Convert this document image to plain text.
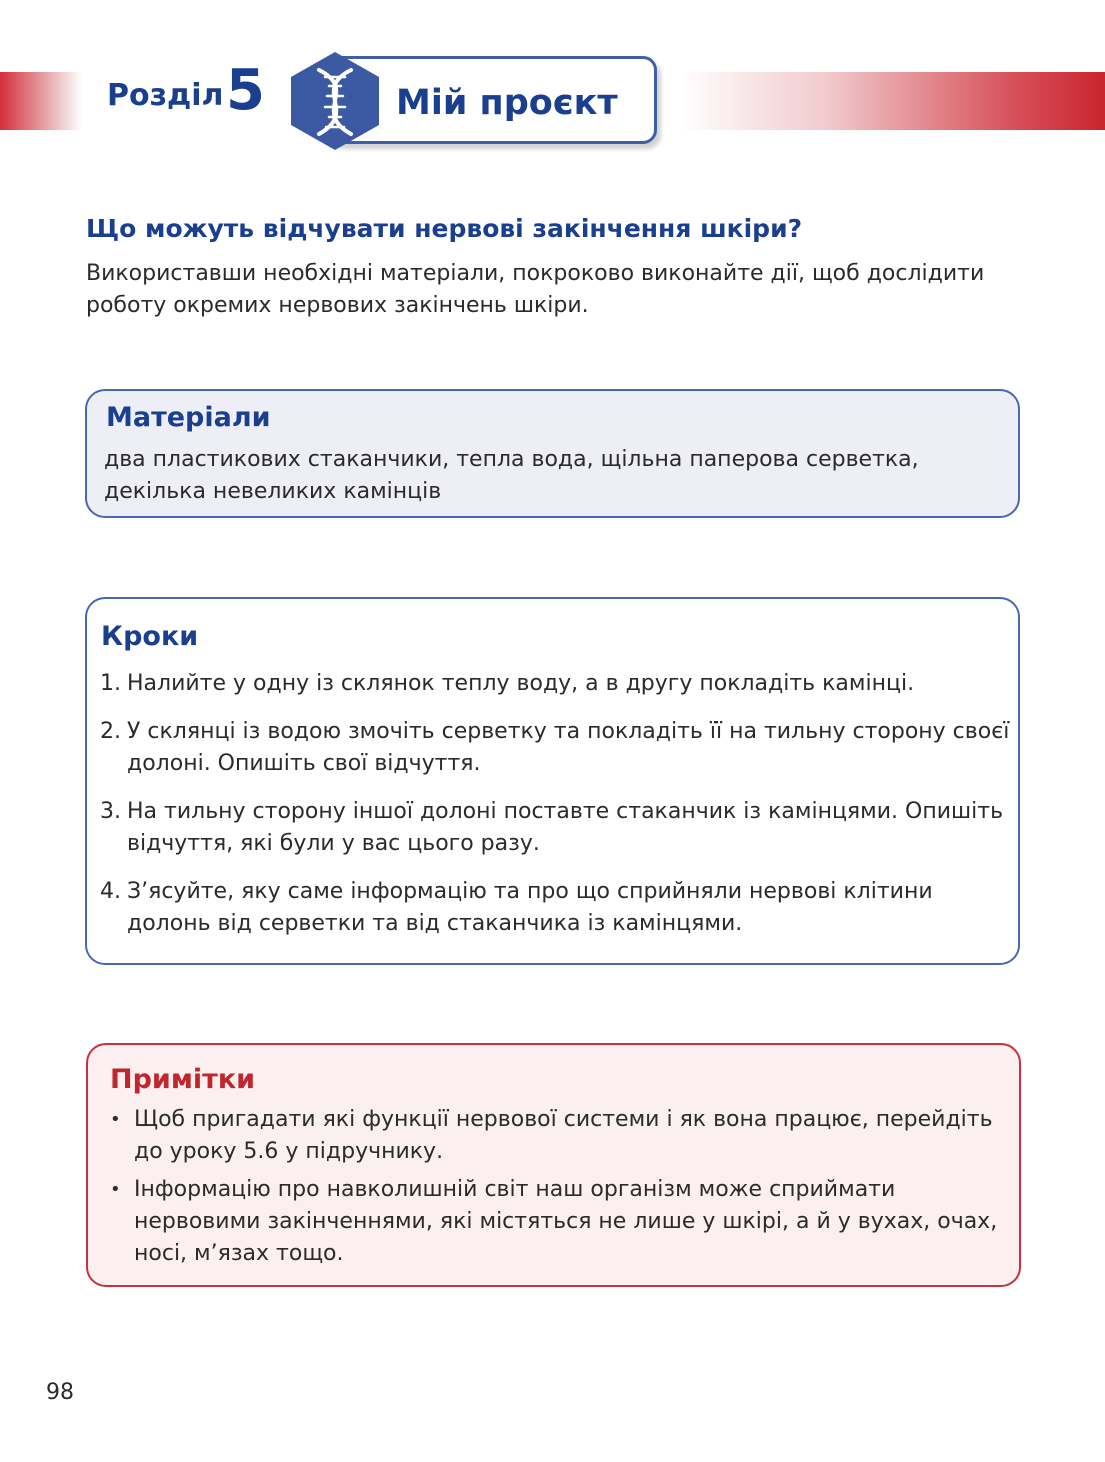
Розділ 5	Мій проєкт
Що можуть відчувати нервові закінчення шкіри?
Використавши необхідні матеріали, покроково виконайте дії, щоб дослідити роботу окремих нервових закінчень шкіри.
Матеріали
два пластикових стаканчики, тепла вода, щільна паперова серветка, декілька невеликих камінців
Кроки
1. Налийте у одну із склянок теплу воду, а в другу покладіть камінці.
2. У склянці із водою змочіть серветку та покладіть її на тильну сторону своєї долоні. Опишіть свої відчуття.
3. На тильну сторону іншої долоні поставте стаканчик із камінцями. Опишіть відчуття, які були у вас цього разу.
4. З’ясуйте, яку саме інформацію та про що сприйняли нервові клітини долонь від серветки та від стаканчика із камінцями.
Примітки
• Щоб пригадати які функції нервової системи і як вона працює, перейдіть до уроку 5.6 у підручнику.
• Інформацію про навколишній світ наш організм може сприймати нервовими закінченнями, які містяться не лише у шкірі, а й у вухах, очах, носі, м’язах тощо.
98
